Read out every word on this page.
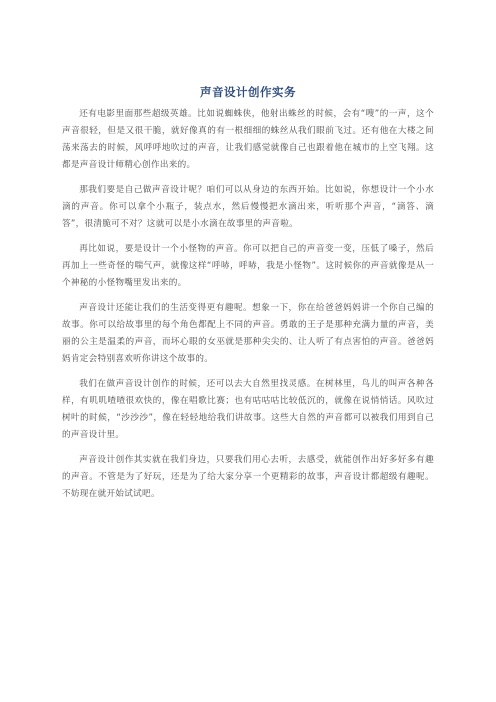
声音设计创作实务

还有电影里面那些超级英雄。比如说蜘蛛侠，他射出蛛丝的时候，会有“嗖”的一声，这个声音很轻，但是又很干脆，就好像真的有一根细细的蛛丝从我们眼前飞过。还有他在大楼之间荡来荡去的时候，风呼呼地吹过的声音，让我们感觉就像自己也跟着他在城市的上空飞翔。这都是声音设计师精心创作出来的。

那我们要是自己做声音设计呢？咱们可以从身边的东西开始。比如说，你想设计一个小水滴的声音。你可以拿个小瓶子，装点水，然后慢慢把水滴出来，听听那个声音，“滴答、滴答”，很清脆可不对？这就可以是小水滴在故事里的声音啦。

再比如说，要是设计一个小怪物的声音。你可以把自己的声音变一变，压低了嗓子，然后再加上一些奇怪的喘气声，就像这样“呼哧，呼哧，我是小怪物”。这时候你的声音就像是从一个神秘的小怪物嘴里发出来的。

声音设计还能让我们的生活变得更有趣呢。想象一下，你在给爸爸妈妈讲一个你自己编的故事。你可以给故事里的每个角色都配上不同的声音。勇敢的王子是那种充满力量的声音，美丽的公主是温柔的声音，而坏心眼的女巫就是那种尖尖的、让人听了有点害怕的声音。爸爸妈妈肯定会特别喜欢听你讲这个故事的。

我们在做声音设计创作的时候，还可以去大自然里找灵感。在树林里，鸟儿的叫声各种各样，有叽叽喳喳很欢快的，像在唱歌比赛；也有咕咕咕比较低沉的，就像在说悄悄话。风吹过树叶的时候，“沙沙沙”，像在轻轻地给我们讲故事。这些大自然的声音都可以被我们用到自己的声音设计里。

声音设计创作其实就在我们身边，只要我们用心去听，去感受，就能创作出好多好多有趣的声音。不管是为了好玩，还是为了给大家分享一个更精彩的故事，声音设计都超级有趣呢。不妨现在就开始试试吧。
